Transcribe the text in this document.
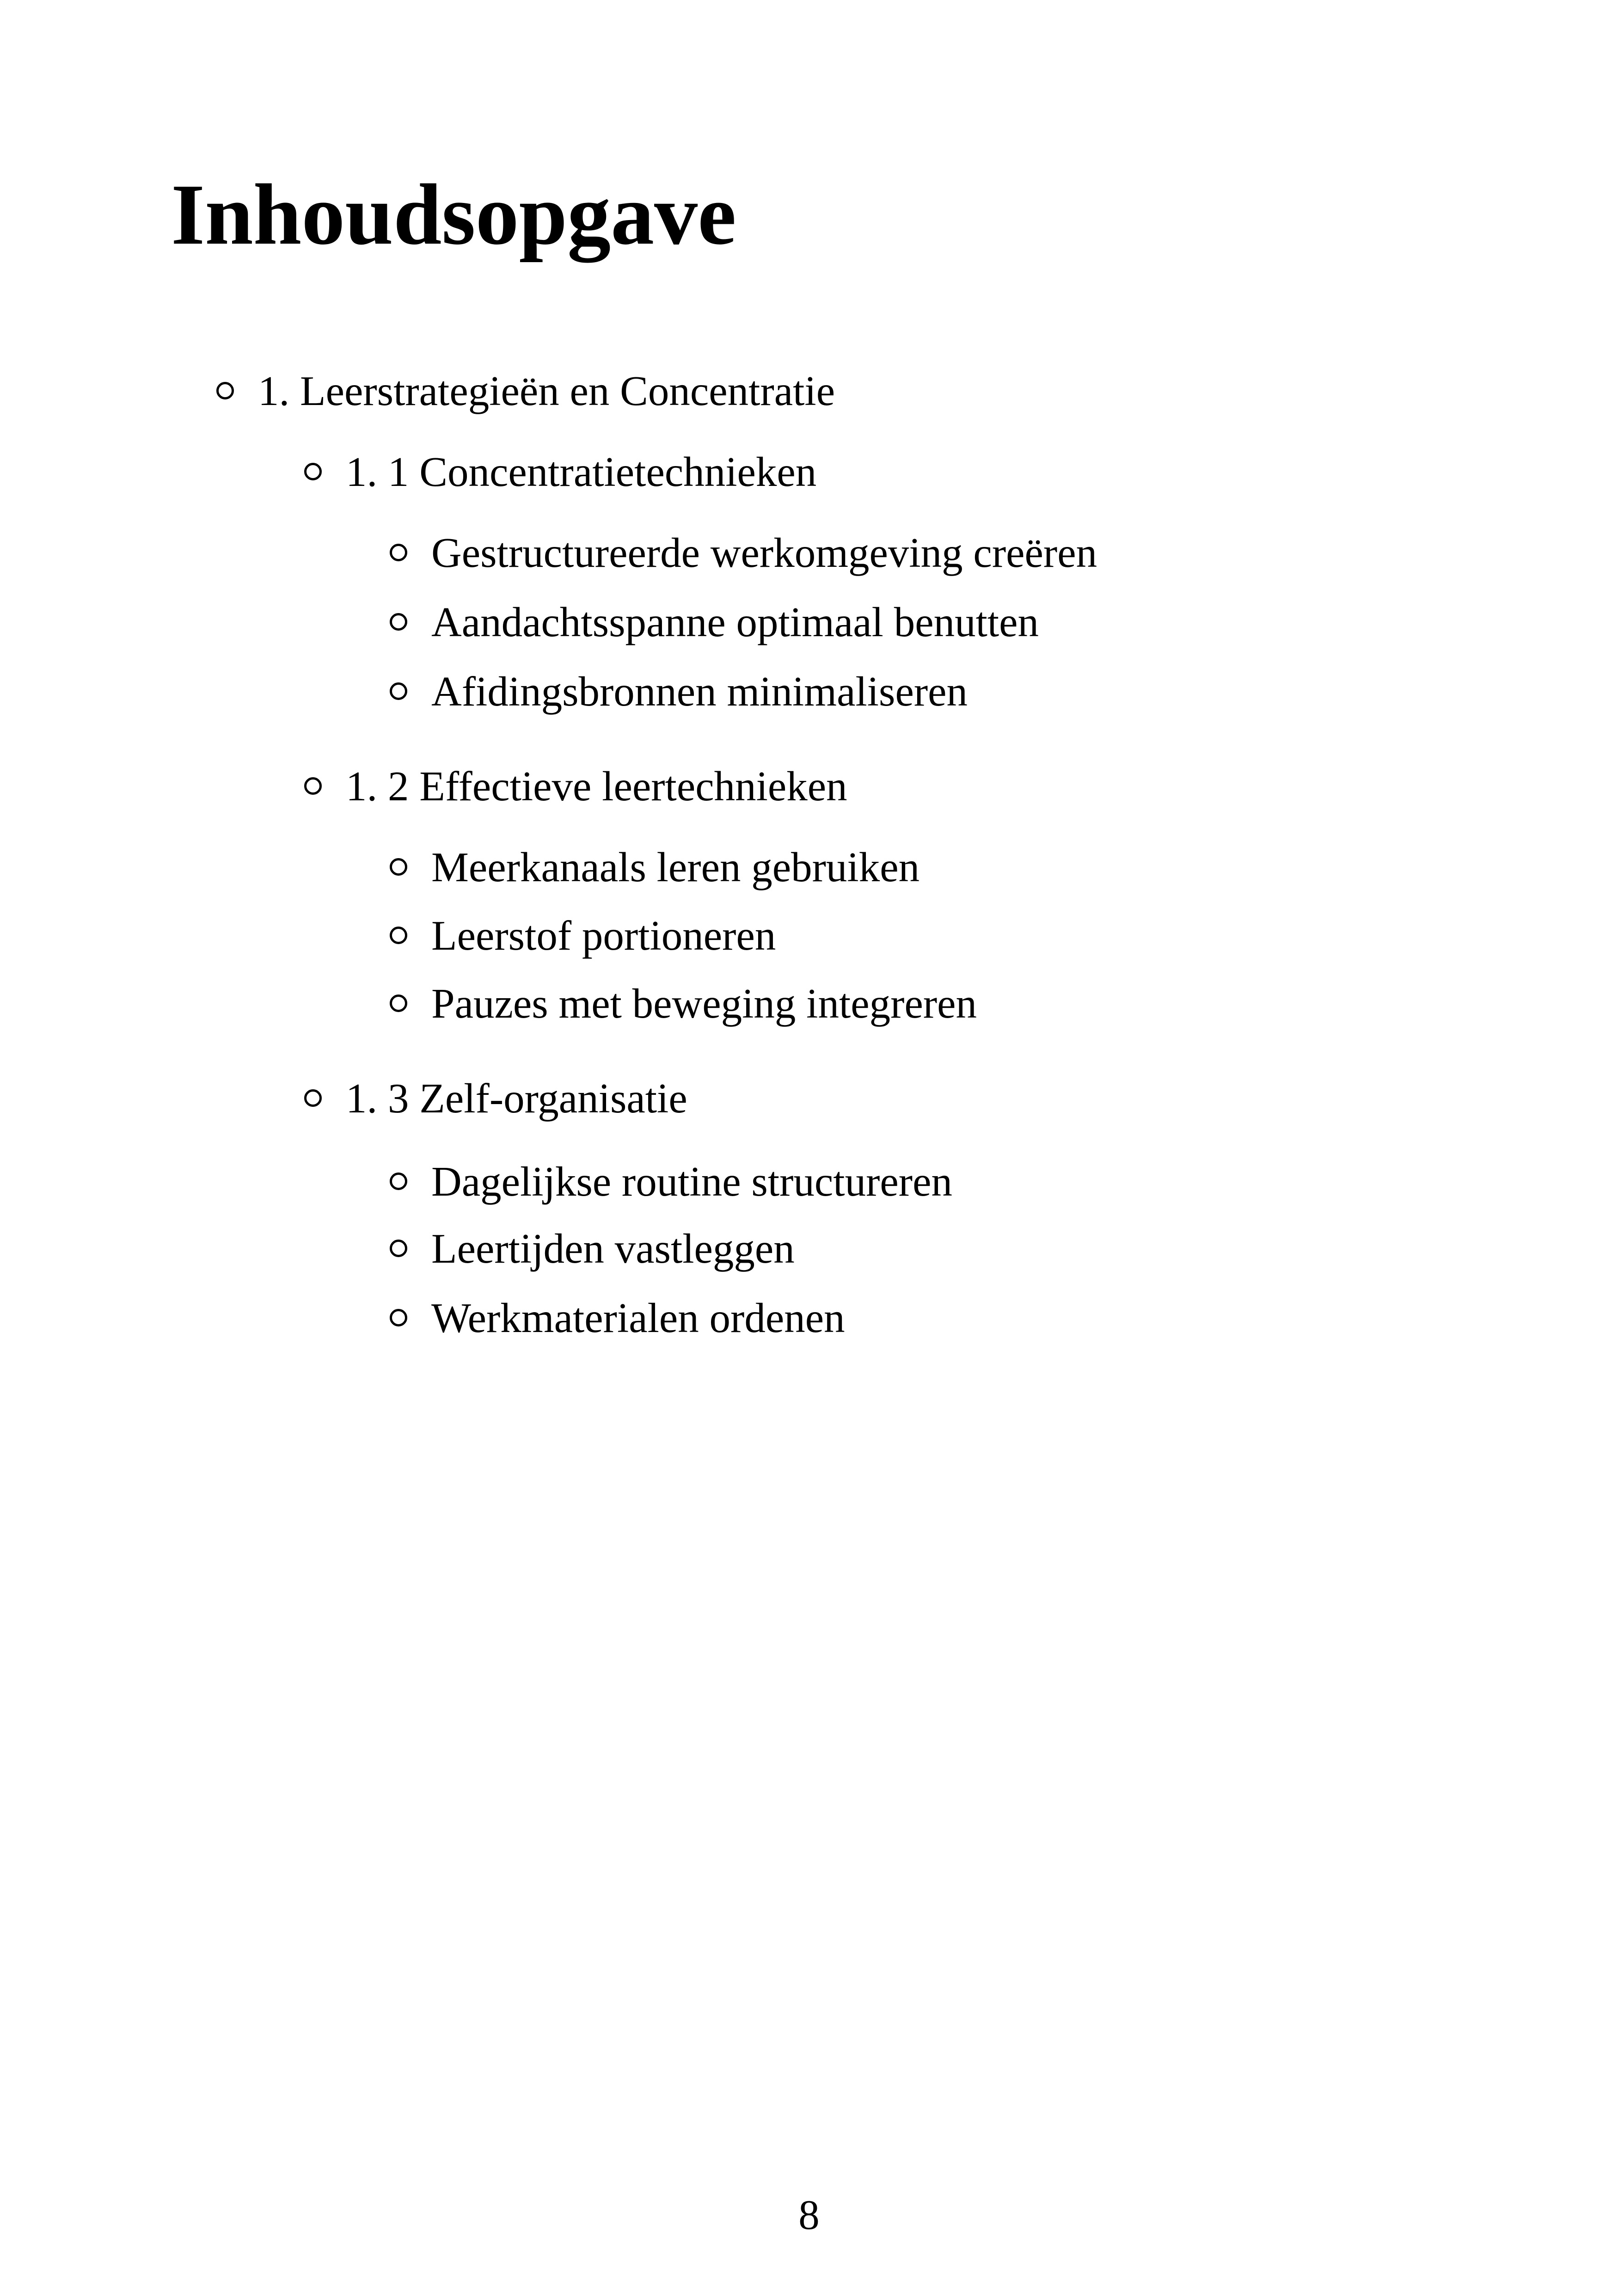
Inhoudsopgave
1. Leerstrategieën en Concentratie
1. 1 Concentratietechnieken
Gestructureerde werkomgeving creëren
Aandachtsspanne optimaal benutten
Afidingsbronnen minimaliseren
1. 2 Effectieve leertechnieken
Meerkanaals leren gebruiken
Leerstof portioneren
Pauzes met beweging integreren
1. 3 Zelf-organisatie
Dagelijkse routine structureren
Leertijden vastleggen
Werkmaterialen ordenen
8
